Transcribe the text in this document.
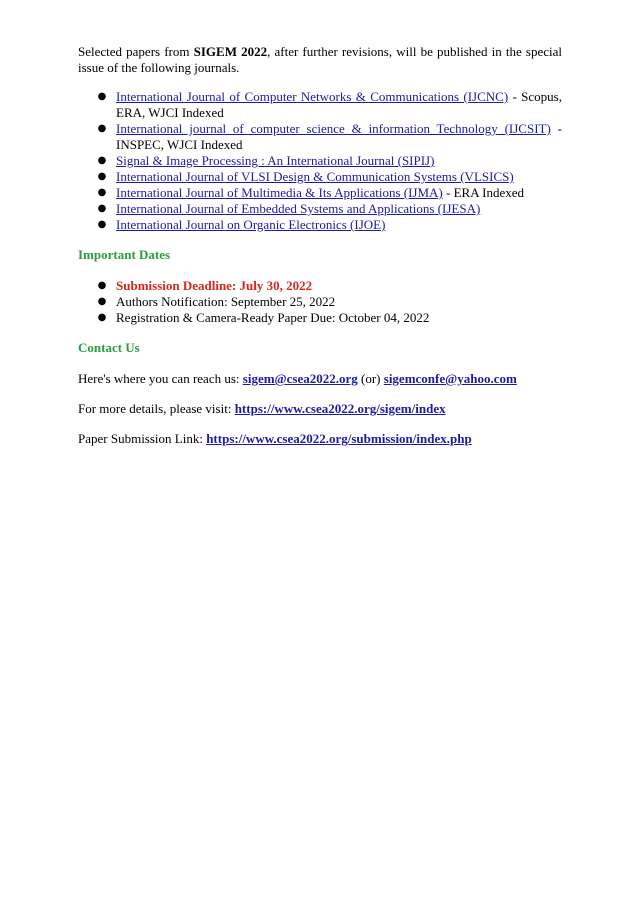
Selected papers from SIGEM 2022, after further revisions, will be published in the special issue of the following journals.

● International Journal of Computer Networks & Communications (IJCNC) - Scopus, ERA, WJCI Indexed
● International journal of computer science & information Technology (IJCSIT) - INSPEC, WJCI Indexed
● Signal & Image Processing : An International Journal (SIPIJ)
● International Journal of VLSI Design & Communication Systems (VLSICS)
● International Journal of Multimedia & Its Applications (IJMA) - ERA Indexed
● International Journal of Embedded Systems and Applications (IJESA)
● International Journal on Organic Electronics (IJOE)

Important Dates

● Submission Deadline: July 30, 2022
● Authors Notification: September 25, 2022
● Registration & Camera-Ready Paper Due: October 04, 2022

Contact Us

Here's where you can reach us: sigem@csea2022.org (or) sigemconfe@yahoo.com

For more details, please visit: https://www.csea2022.org/sigem/index

Paper Submission Link: https://www.csea2022.org/submission/index.php
